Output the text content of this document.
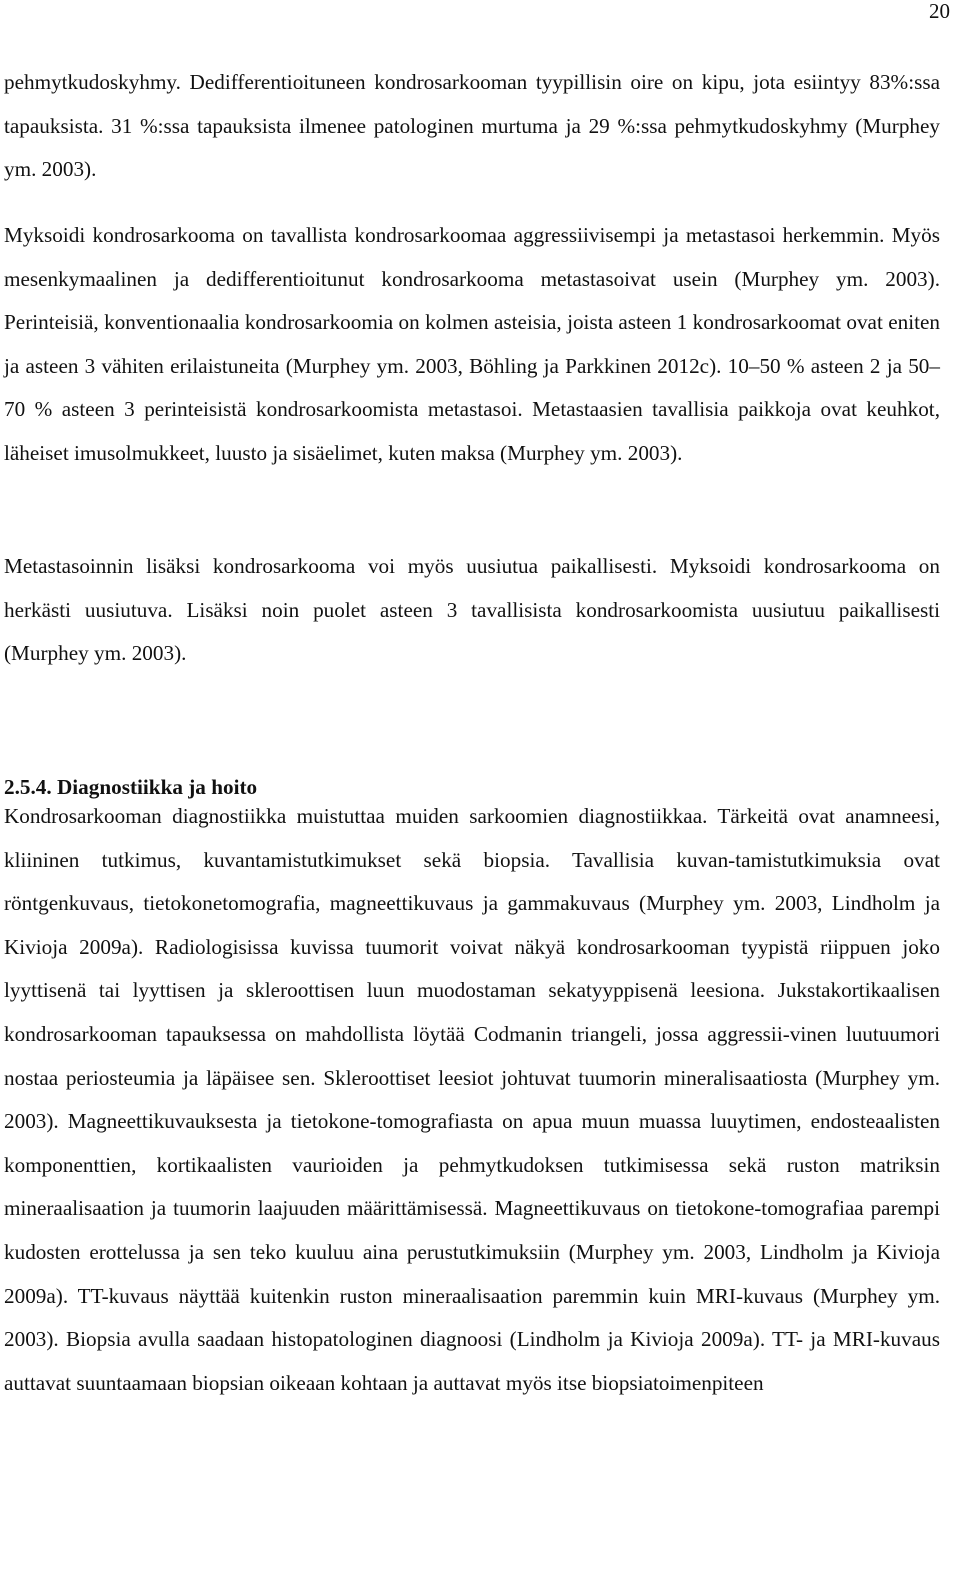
20

pehmytkudoskyhmy. Dedifferentioituneen kondrosarkooman tyypillisin oire on kipu, jota esiintyy 83%:ssa tapauksista. 31 %:ssa tapauksista ilmenee patologinen murtuma ja 29 %:ssa pehmytkudoskyhmy (Murphey ym. 2003).

Myksoidi kondrosarkooma on tavallista kondrosarkoomaa aggressiivisempi ja metastasoi herkemmin. Myös mesenkymaalinen ja dedifferentioitunut kondrosarkooma metastasoivat usein (Murphey ym. 2003). Perinteisiä, konventionaalia kondrosarkoomia on kolmen asteisia, joista asteen 1 kondrosarkoomat ovat eniten ja asteen 3 vähiten erilaistuneita (Murphey ym. 2003, Böhling ja Parkkinen 2012c). 10–50 % asteen 2 ja 50–70 % asteen 3 perinteisistä kondrosarkoomista metastasoi. Metastaasien tavallisia paikkoja ovat keuhkot, läheiset imusolmukkeet, luusto ja sisäelimet, kuten maksa (Murphey ym. 2003).

Metastasoinnin lisäksi kondrosarkooma voi myös uusiutua paikallisesti. Myksoidi kondrosarkooma on herkästi uusiutuva. Lisäksi noin puolet asteen 3 tavallisista kondrosarkoomista uusiutuu paikallisesti (Murphey ym. 2003).

2.5.4. Diagnostiikka ja hoito

Kondrosarkooman diagnostiikka muistuttaa muiden sarkoomien diagnostiikkaa. Tärkeitä ovat anamneesi, kliininen tutkimus, kuvantamistutkimukset sekä biopsia. Tavallisia kuvan-tamistutkimuksia ovat röntgenkuvaus, tietokonetomografia, magneettikuvaus ja gammakuvaus (Murphey ym. 2003, Lindholm ja Kivioja 2009a). Radiologisissa kuvissa tuumorit voivat näkyä kondrosarkooman tyypistä riippuen joko lyyttisenä tai lyyttisen ja skleroottisen luun muodostaman sekatyyppisenä leesiona. Jukstakortikaalisen kondrosarkooman tapauksessa on mahdollista löytää Codmanin triangeli, jossa aggressii-vinen luutuumori nostaa periosteumia ja läpäisee sen. Skleroottiset leesiot johtuvat tuumorin mineralisaatiosta (Murphey ym. 2003). Magneettikuvauksesta ja tietokone-tomografiasta on apua muun muassa luuytimen, endosteaalisten komponenttien, kortikaalisten vaurioiden ja pehmytkudoksen tutkimisessa sekä ruston matriksin mineraalisaation ja tuumorin laajuuden määrittämisessä. Magneettikuvaus on tietokone-tomografiaa parempi kudosten erottelussa ja sen teko kuuluu aina perustutkimuksiin (Murphey ym. 2003, Lindholm ja Kivioja 2009a). TT-kuvaus näyttää kuitenkin ruston mineraalisaation paremmin kuin MRI-kuvaus (Murphey ym. 2003). Biopsia avulla saadaan histopatologinen diagnoosi (Lindholm ja Kivioja 2009a). TT- ja MRI-kuvaus auttavat suuntaamaan biopsian oikeaan kohtaan ja auttavat myös itse biopsiatoimenpiteen
